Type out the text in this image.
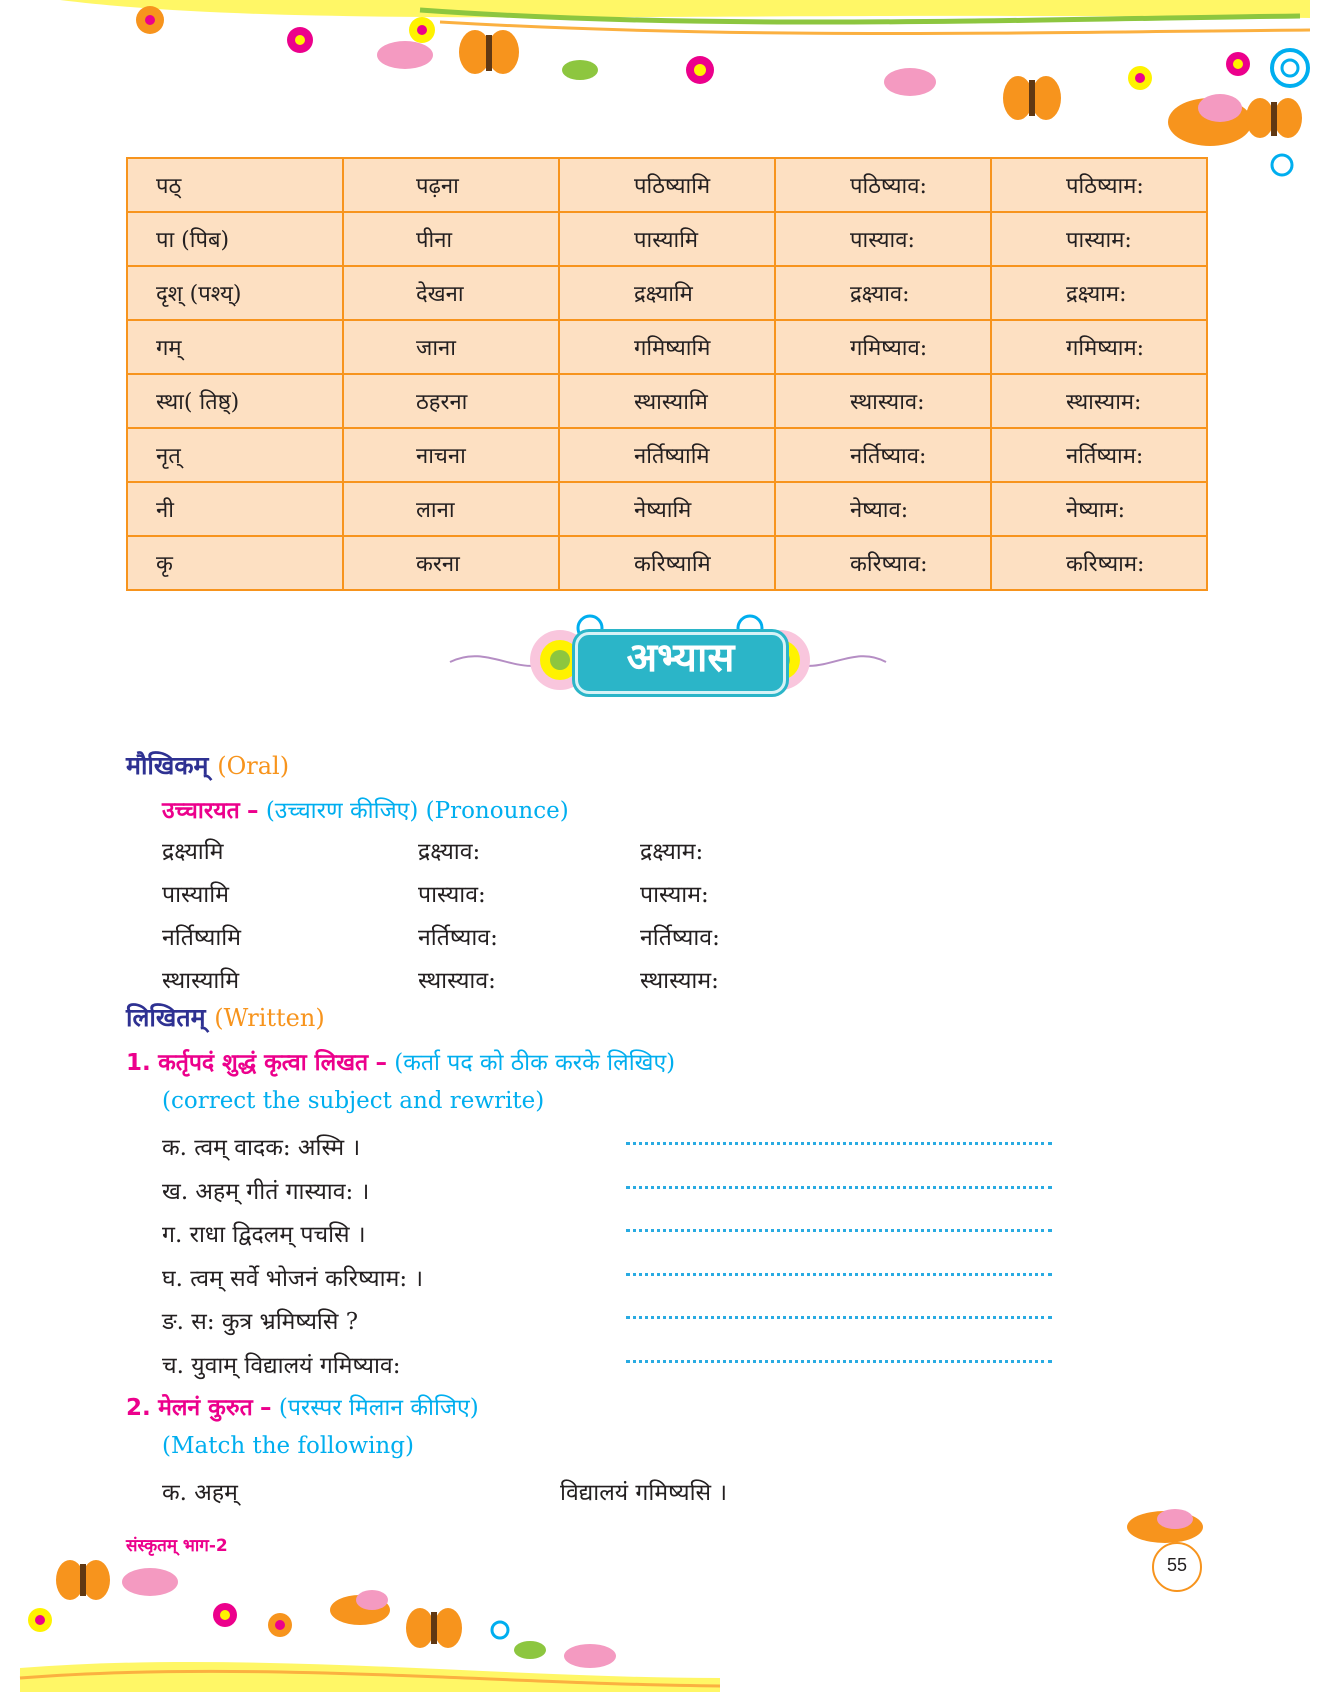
पठ्	पढ़ना	पठिष्यामि	पठिष्याव:	पठिष्याम:
पा (पिब)	पीना	पास्यामि	पास्याव:	पास्याम:
दृश् (पश्य्)	देखना	द्रक्ष्यामि	द्रक्ष्याव:	द्रक्ष्याम:
गम्	जाना	गमिष्यामि	गमिष्याव:	गमिष्याम:
स्था( तिष्ठ्)	ठहरना	स्थास्यामि	स्थास्याव:	स्थास्याम:
नृत्	नाचना	नर्तिष्यामि	नर्तिष्याव:	नर्तिष्याम:
नी	लाना	नेष्यामि	नेष्याव:	नेष्याम:
कृ	करना	करिष्यामि	करिष्याव:	करिष्याम:
अभ्यास
मौखिकम् (Oral)
उच्चारयत – (उच्चारण कीजिए) (Pronounce)
द्रक्ष्यामि	द्रक्ष्याव:	द्रक्ष्याम:
पास्यामि	पास्याव:	पास्याम:
नर्तिष्यामि	नर्तिष्याव:	नर्तिष्याव:
स्थास्यामि	स्थास्याव:	स्थास्याम:
लिखितम् (Written)
1. कर्तृपदं शुद्धं कृत्वा लिखत – (कर्ता पद को ठीक करके लिखिए)
(correct the subject and rewrite)
क. त्वम् वादक: अस्मि ।
ख. अहम् गीतं गास्याव: ।
ग. राधा द्विदलम् पचसि ।
घ. त्वम् सर्वे भोजनं करिष्याम: ।
ङ. स: कुत्र भ्रमिष्यसि ?
च. युवाम् विद्यालयं गमिष्याव:
2. मेलनं कुरुत – (परस्पर मिलान कीजिए)
(Match the following)
क. अहम्	विद्यालयं गमिष्यसि ।
संस्कृतम् भाग-2
55
